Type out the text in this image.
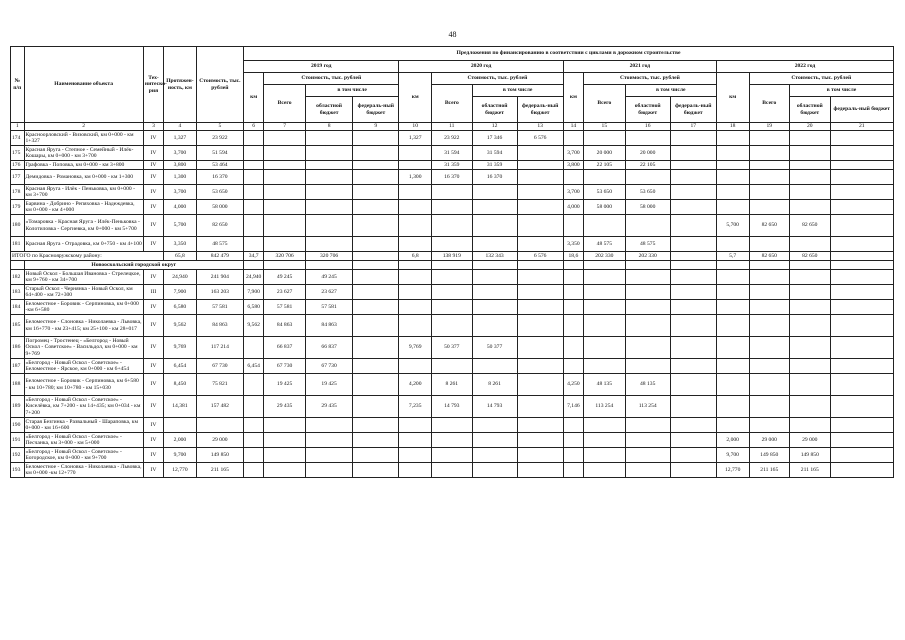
48
№ п/п	Наименование объекта	Тех-нитеско-рия	Протяжен-ность, км	Стоимость, тыс. рублей	Предложения по финансированию в соответствии с циклами в дорожном строительстве															
					2019 год				2020 год				2021 год				2022 год			
					км	Стоимость, тыс. рублей			км	Стоимость, тыс. рублей			км	Стоимость, тыс. рублей			км	Стоимость, тыс. рублей		
						Всего	в том числе			Всего	в том числе			Всего	в том числе			Всего	в том числе	
							областной бюджет	федераль-ный бюджет			областной бюджет	федераль-ный бюджет			областной бюджет	федераль-ный бюджет			областной бюджет	федераль-ный бюджет
1	2	3	4	5	6	7	8	9	10	11	12	13	14	15	16	17	18	19	20	21
174	Красноорловский - Визовский, км 0+000 - км 1+327	IV	1,327	23 922					1,327	23 922	17 346	6 576								
175	Красная Яруга - Степное - Семейный - Илёк-Кошары, км 0+000 - км 3+700	IV	3,700	51 594						31 594	31 594		3,700	20 000	20 000					
176	Графовка - Поповка, км 0+000 - км 3+800	IV	3,800	53 464						31 359	31 359		3,800	22 105	22 105					
177	Демидовка - Романовка, км 0+000 - км 1+300	IV	1,300	16 370					1,300	16 370	16 370									
178	Красная Яруга - Илёк - Пеньковка, км 0+000 - км 3+700	IV	3,700	53 650									3,700	53 650	53 650					
179	Барвина - Добрино - Репяховка - Надеждевка, км 0+000 - км 4+000	IV	4,000	58 000									4,000	58 000	58 000					
180	«Томаровка - Красная Яруга - Илёк-Пеньковка - Колотиловка - Сергиевка, км 0+000 - км 5+700	IV	5,700	82 650													5,700	82 650	82 650	
181	Красная Яруга - Отрадовка, км 0+750 - км 4+100	IV	3,350	48 575									3,350	48 575	48 575					
ИТОГО по Краснояружскому району:			65,8	842 479	34,7	320 706	320 706		6,8	138 919	132 343	6 576	18,6	202 330	202 330		5,7	82 650	82 650	
	Новооскольский городской округ																			
182	Новый Оскол - Большая Ивановка - Стрелецкое, км 9+760 - км 34+700	IV	24,940	241 904	24,940	49 245	49 245													
183	Старый Оскол - Чернянка - Новый Оскол, км 64+400 - км 72+300	III	7,900	163 203	7,900	23 627	23 627													
184	Беломестное - Боровик - Серпиновка, км 0+000 -км 6+580	IV	6,580	57 581	6,580	57 581	57 581													
185	Беломестное - Слоновка - Николаевка - Львовка, км 16+770 - км 23+415; км 25+100 - км 28+017	IV	9,562	84 863	9,562	84 863	84 863													
186	Погромец - Тростенец - «Белгород - Новый Оскол - Советское» - Васильдол, км 0+000 - км 9+769	IV	9,769	117 214		66 837	66 837		9,769	50 377	50 377									
187	«Белгород - Новый Оскол - Советское» - Беломестное - Ярское, км 0+000 - км 6+454	IV	6,454	67 730	6,454	67 730	67 730													
188	Беломестное - Боровик - Серпиновка, км 6+580 - км 10+780; км 10+780 - км 15+030	IV	8,450	75 821		19 425	19 425		4,200	8 261	8 261		4,250	48 135	48 135					
189	«Белгород - Новый Оскол - Советское» - Киселёвка, км 7+200 - км 14+435; км 0+034 - км 7+200	IV	14,381	157 482		29 435	29 435		7,235	14 793	14 793		7,146	113 254	113 254					
190	Старая Безгинка - Развальный - Шараповка, км 0+000 - км 16+600	IV																		
191	«Белгород - Новый Оскол - Советское» - Песчанка, км 3+000 - км 5+000	IV	2,000	29 000													2,000	29 000	29 000	
192	«Белгород - Новый Оскол - Советское» - Богородское, км 0+000 - км 9+700	IV	9,700	149 850													9,700	149 850	149 850	
193	Беломестное - Слоновка - Николаевка - Львовка, км 0+000 -км 12+770	IV	12,770	211 165													12,770	211 165	211 165	
